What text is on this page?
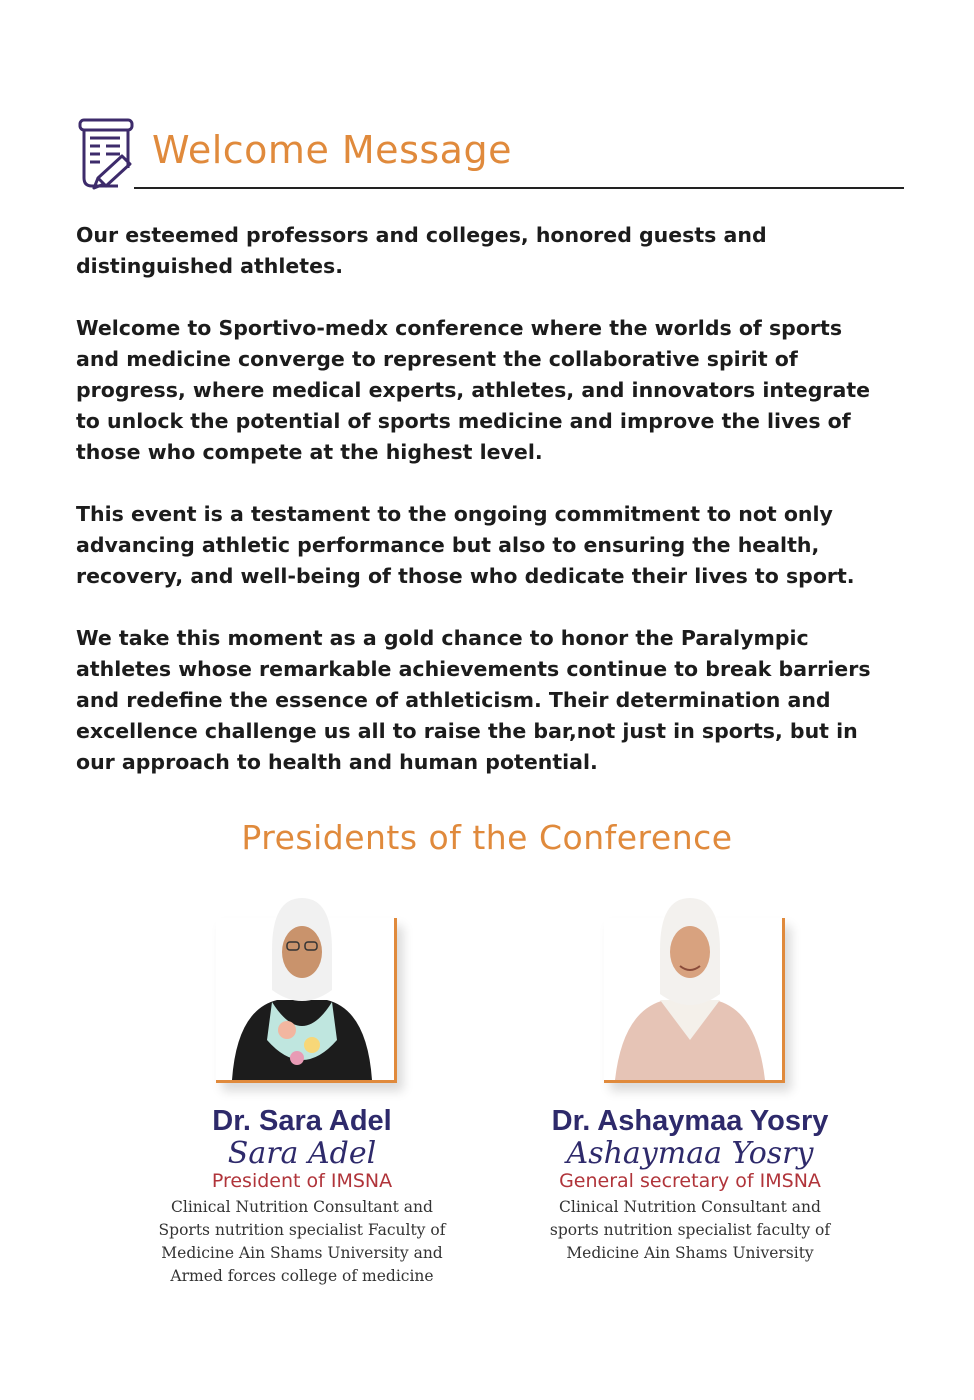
Welcome Message

Our esteemed professors and colleges, honored guests and distinguished athletes.

Welcome to Sportivo-medx conference where the worlds of sports and medicine converge to represent the collaborative spirit of progress, where medical experts, athletes, and innovators integrate to unlock the potential of sports medicine and improve the lives of those who compete at the highest level.

This event is a testament to the ongoing commitment to not only advancing athletic performance but also to ensuring the health, recovery, and well-being of those who dedicate their lives to sport.

We take this moment as a gold chance to honor the Paralympic athletes whose remarkable achievements continue to break barriers and redefine the essence of athleticism. Their determination and excellence challenge us all to raise the bar,not just in sports, but in our approach to health and human potential.

Presidents of the Conference
Dr. Sara Adel
Sara Adel
President of IMSNA
Clinical Nutrition Consultant and
Sports nutrition specialist Faculty of
Medicine Ain Shams University and
Armed forces college of medicine
Dr. Ashaymaa Yosry
Ashaymaa Yosry
General secretary of IMSNA
Clinical Nutrition Consultant and
sports nutrition specialist faculty of
Medicine Ain Shams University
